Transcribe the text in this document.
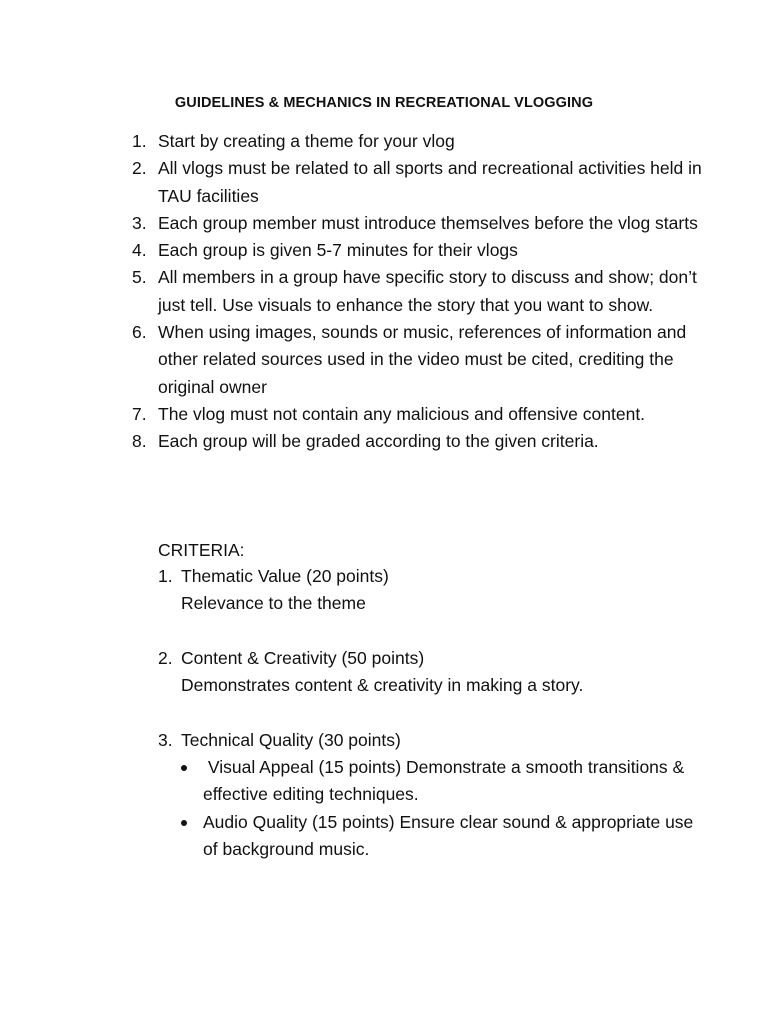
GUIDELINES & MECHANICS IN RECREATIONAL VLOGGING
1. Start by creating a theme for your vlog
2. All vlogs must be related to all sports and recreational activities held in TAU facilities
3. Each group member must introduce themselves before the vlog starts
4. Each group is given 5-7 minutes for their vlogs
5. All members in a group have specific story to discuss and show; don’t just tell. Use visuals to enhance the story that you want to show.
6. When using images, sounds or music, references of information and other related sources used in the video must be cited, crediting the original owner
7. The vlog must not contain any malicious and offensive content.
8. Each group will be graded according to the given criteria.
CRITERIA:
1. Thematic Value (20 points)
Relevance to the theme
2. Content & Creativity (50 points)
Demonstrates content & creativity in making a story.
3. Technical Quality (30 points)
Visual Appeal (15 points) Demonstrate a smooth transitions & effective editing techniques.
Audio Quality (15 points) Ensure clear sound & appropriate use of background music.
